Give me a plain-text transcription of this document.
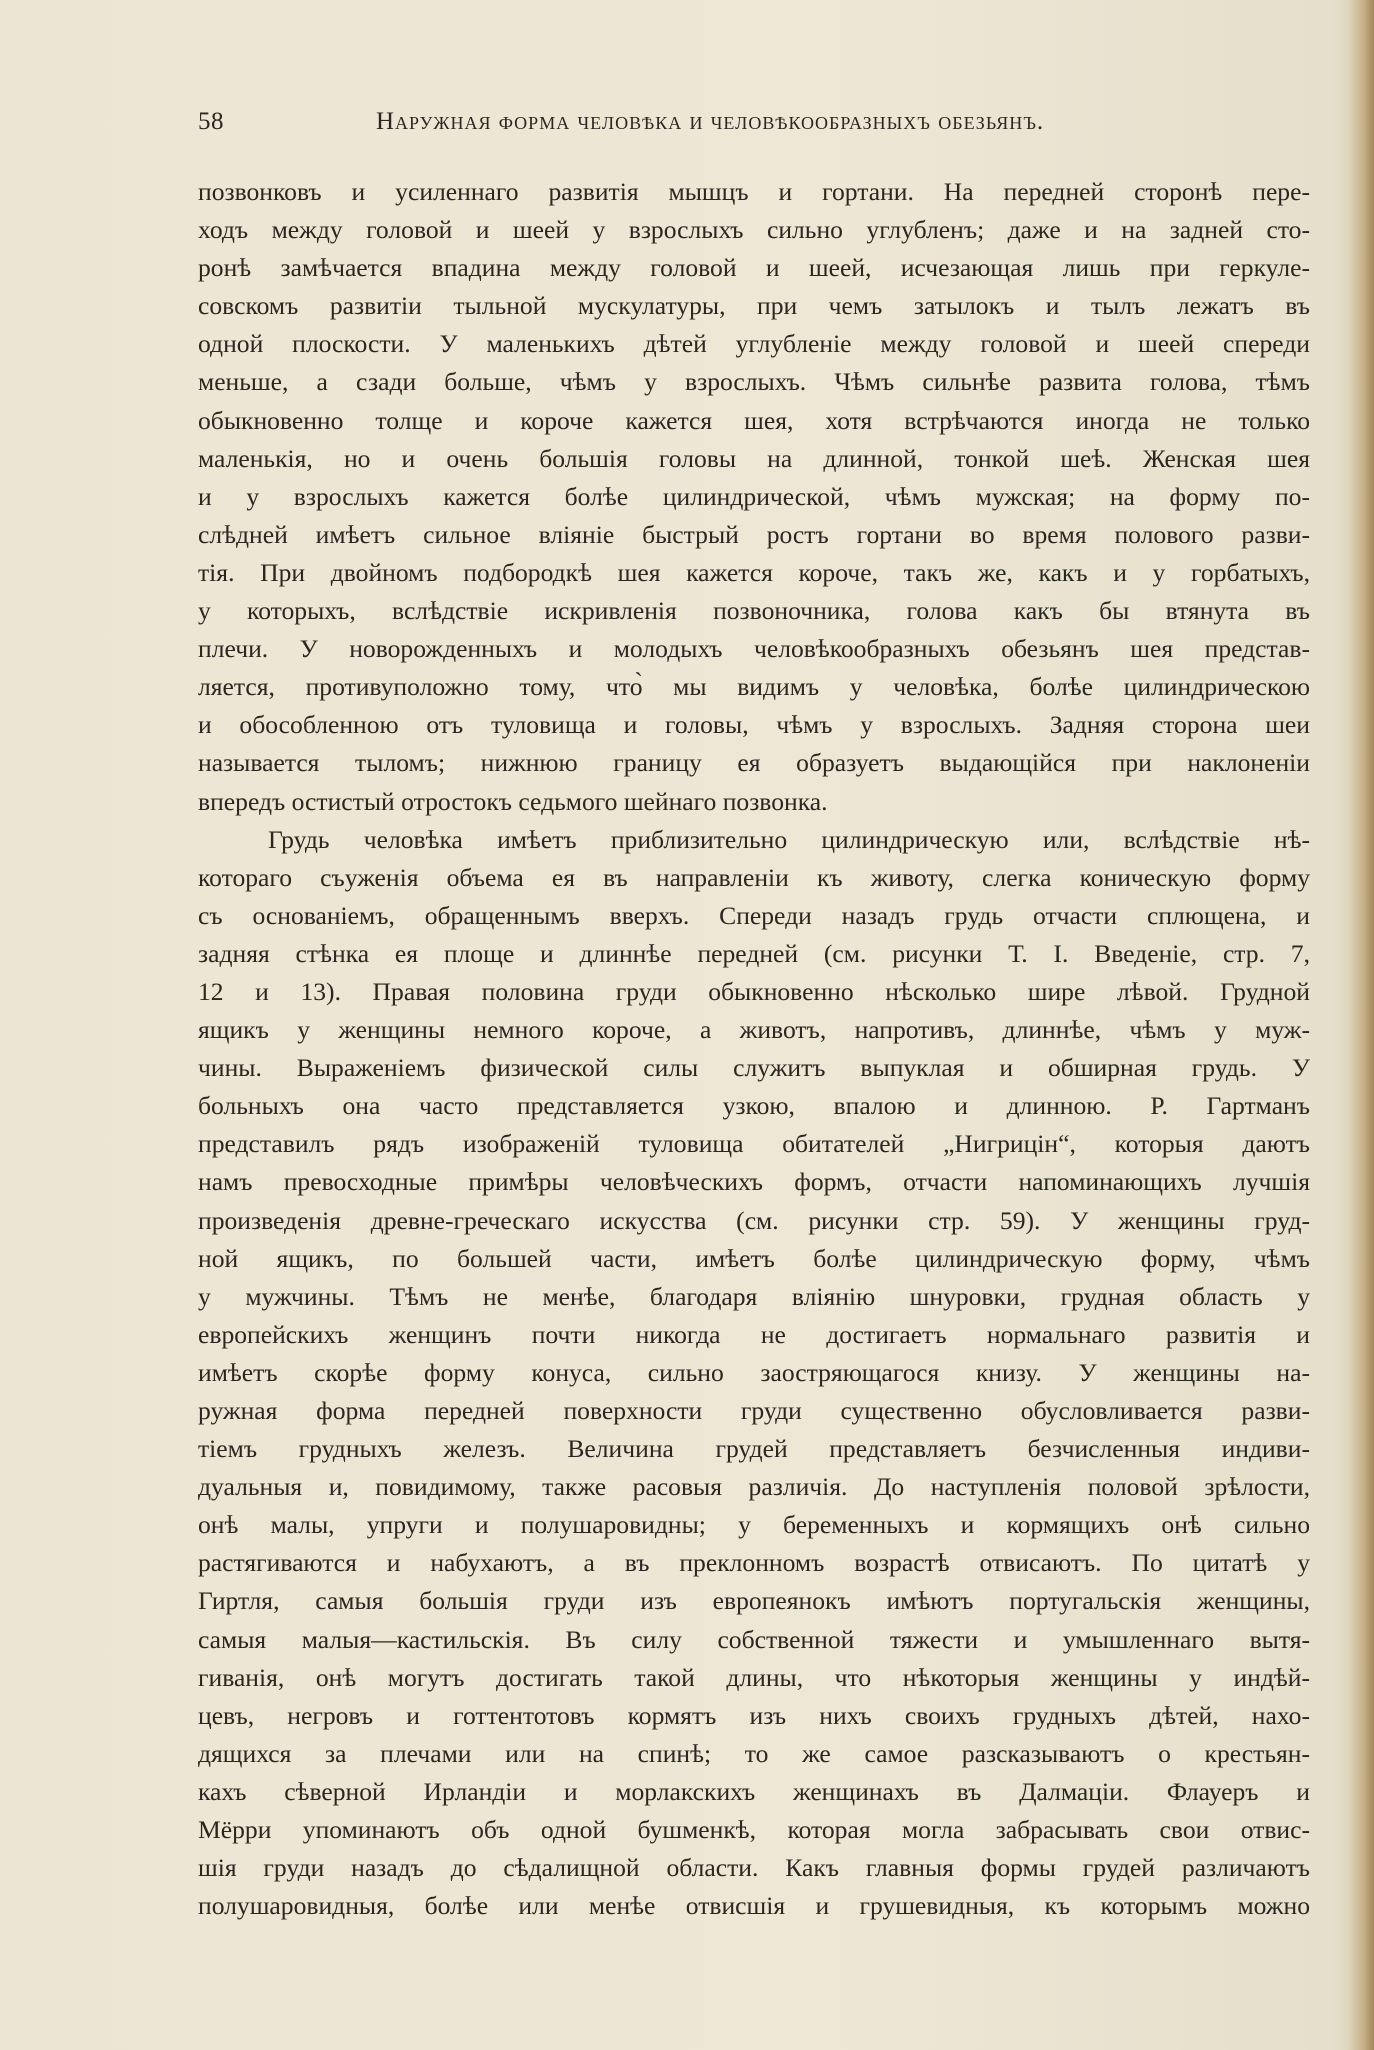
58	Наружная форма человѣка и человѣкообразныхъ обезьянъ.
позвонковъ и усиленнаго развитія мышцъ и гортани. На передней сторонѣ пере-
ходъ между головой и шеей у взрослыхъ сильно углубленъ; даже и на задней сто-
ронѣ замѣчается впадина между головой и шеей, исчезающая лишь при геркуле-
совскомъ развитіи тыльной мускулатуры, при чемъ затылокъ и тылъ лежатъ въ
одной плоскости. У маленькихъ дѣтей углубленіе между головой и шеей спереди
меньше, а сзади больше, чѣмъ у взрослыхъ. Чѣмъ сильнѣе развита голова, тѣмъ
обыкновенно толще и короче кажется шея, хотя встрѣчаются иногда не только
маленькія, но и очень большія головы на длинной, тонкой шеѣ. Женская шея
и у взрослыхъ кажется болѣе цилиндрической, чѣмъ мужская; на форму по-
слѣдней имѣетъ сильное вліяніе быстрый ростъ гортани во время полового разви-
тія. При двойномъ подбородкѣ шея кажется короче, такъ же, какъ и у горбатыхъ,
у которыхъ, вслѣдствіе искривленія позвоночника, голова какъ бы втянута въ
плечи. У новорожденныхъ и молодыхъ человѣкообразныхъ обезьянъ шея представ-
ляется, противуположно тому, что̀ мы видимъ у человѣка, болѣе цилиндрическою
и обособленною отъ туловища и головы, чѣмъ у взрослыхъ. Задняя сторона шеи
называется тыломъ; нижнюю границу ея образуетъ выдающійся при наклоненіи
впередъ остистый отростокъ седьмого шейнаго позвонка.
Грудь человѣка имѣетъ приблизительно цилиндрическую или, вслѣдствіе нѣ-
котораго съуженія объема ея въ направленіи къ животу, слегка коническую форму
съ основаніемъ, обращеннымъ вверхъ. Спереди назадъ грудь отчасти сплющена, и
задняя стѣнка ея площе и длиннѣе передней (см. рисунки Т. I. Введеніе, стр. 7,
12 и 13). Правая половина груди обыкновенно нѣсколько шире лѣвой. Грудной
ящикъ у женщины немного короче, а животъ, напротивъ, длиннѣе, чѣмъ у муж-
чины. Выраженіемъ физической силы служитъ выпуклая и обширная грудь. У
больныхъ она часто представляется узкою, впалою и длинною. Р. Гартманъ
представилъ рядъ изображеній туловища обитателей „Нигрицін“, которыя даютъ
намъ превосходные примѣры человѣческихъ формъ, отчасти напоминающихъ лучшія
произведенія древне-греческаго искусства (см. рисунки стр. 59). У женщины груд-
ной ящикъ, по большей части, имѣетъ болѣе цилиндрическую форму, чѣмъ
у мужчины. Тѣмъ не менѣе, благодаря вліянію шнуровки, грудная область у
европейскихъ женщинъ почти никогда не достигаетъ нормальнаго развитія и
имѣетъ скорѣе форму конуса, сильно заостряющагося книзу. У женщины на-
ружная форма передней поверхности груди существенно обусловливается разви-
тіемъ грудныхъ железъ. Величина грудей представляетъ безчисленныя индиви-
дуальныя и, повидимому, также расовыя различія. До наступленія половой зрѣлости,
онѣ малы, упруги и полушаровидны; у беременныхъ и кормящихъ онѣ сильно
растягиваются и набухаютъ, а въ преклонномъ возрастѣ отвисаютъ. По цитатѣ у
Гиртля, самыя большія груди изъ европеянокъ имѣютъ португальскія женщины,
самыя малыя—кастильскія. Въ силу собственной тяжести и умышленнаго вытя-
гиванія, онѣ могутъ достигать такой длины, что нѣкоторыя женщины у индѣй-
цевъ, негровъ и готтентотовъ кормятъ изъ нихъ своихъ грудныхъ дѣтей, нахо-
дящихся за плечами или на спинѣ; то же самое разсказываютъ о крестьян-
кахъ сѣверной Ирландіи и морлакскихъ женщинахъ въ Далмаціи. Флауеръ и
Мёрри упоминаютъ объ одной бушменкѣ, которая могла забрасывать свои отвис-
шія груди назадъ до сѣдалищной области. Какъ главныя формы грудей различаютъ
полушаровидныя, болѣе или менѣе отвисшія и грушевидныя, къ которымъ можно
